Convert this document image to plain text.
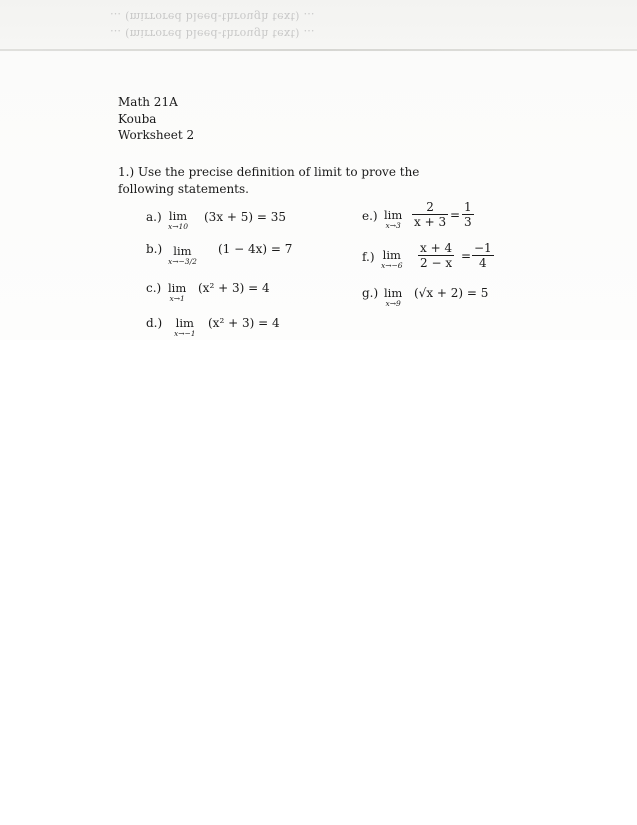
… (mirrored bleed-through text) …
… (mirrored bleed-through text) …
Math 21A
Kouba
Worksheet 2
1.) Use the precise definition of limit to prove the following statements.
a.) lim
x→10
(3x + 5) = 35
b.) lim
x→−3/2
(1 − 4x) = 7
c.) lim
x→1
(x² + 3) = 4
d.) lim
x→−1
(x² + 3) = 4
e.) lim
x→3
2
x + 3 =
1
3
f.) lim
x→−6
x + 4
2 − x =
−1
4
g.) lim
x→9
(√x + 2) = 5
